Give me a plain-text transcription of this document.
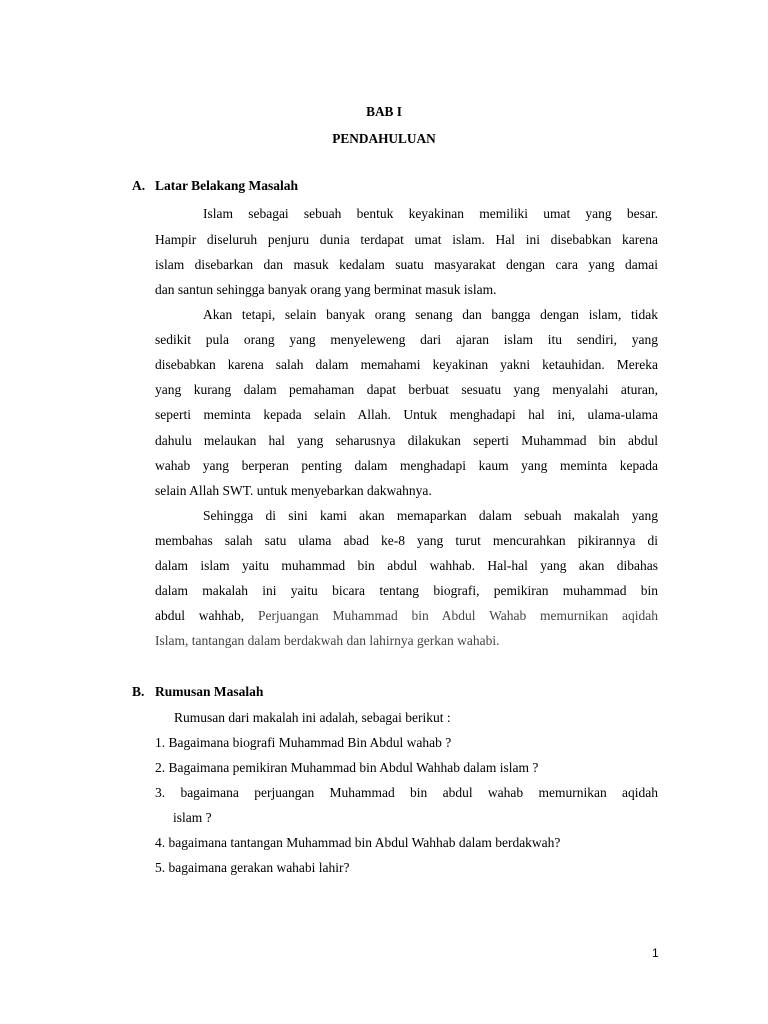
BAB I
PENDAHULUAN
A. Latar Belakang Masalah
Islam sebagai sebuah bentuk keyakinan memiliki umat yang besar.
Hampir diseluruh penjuru dunia terdapat umat islam. Hal ini disebabkan karena
islam disebarkan dan masuk kedalam suatu masyarakat dengan cara yang damai
dan santun sehingga banyak orang yang berminat masuk islam.
Akan tetapi, selain banyak orang senang dan bangga dengan islam, tidak
sedikit pula orang yang menyeleweng dari ajaran islam itu sendiri, yang
disebabkan karena salah dalam memahami keyakinan yakni ketauhidan. Mereka
yang kurang dalam pemahaman dapat berbuat sesuatu yang menyalahi aturan,
seperti meminta kepada selain Allah. Untuk menghadapi hal ini, ulama-ulama
dahulu melaukan hal yang seharusnya dilakukan seperti Muhammad bin abdul
wahab yang berperan penting dalam menghadapi kaum yang meminta kepada
selain Allah SWT. untuk menyebarkan dakwahnya.
Sehingga di sini kami akan memaparkan dalam sebuah makalah yang
membahas salah satu ulama abad ke-8 yang turut mencurahkan pikirannya di
dalam islam yaitu muhammad bin abdul wahhab. Hal-hal yang akan dibahas
dalam makalah ini yaitu bicara tentang biografi, pemikiran muhammad bin
abdul wahhab, Perjuangan Muhammad bin Abdul Wahab memurnikan aqidah
Islam, tantangan dalam berdakwah dan lahirnya gerkan wahabi.
B. Rumusan Masalah
Rumusan dari makalah ini adalah, sebagai berikut :
1. Bagaimana biografi Muhammad Bin Abdul wahab ?
2. Bagaimana pemikiran Muhammad bin Abdul Wahhab dalam islam ?
3. bagaimana perjuangan Muhammad bin abdul wahab memurnikan aqidah
islam ?
4. bagaimana tantangan Muhammad bin Abdul Wahhab dalam berdakwah?
5. bagaimana gerakan wahabi lahir?
1
